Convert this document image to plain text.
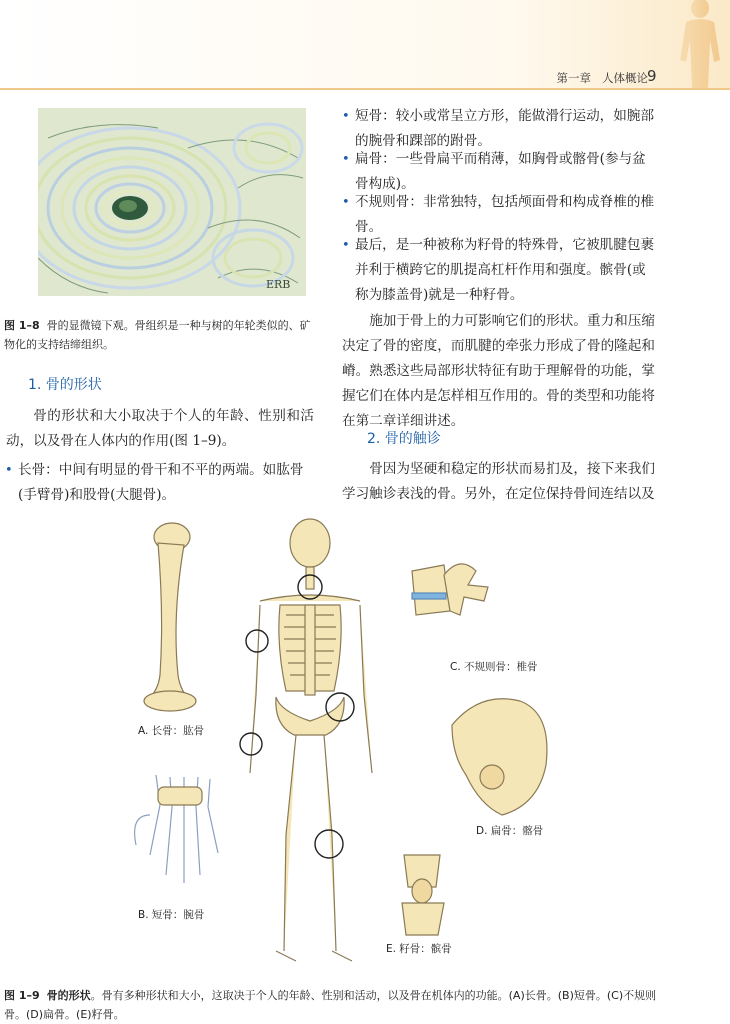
第一章 人体概论 9
ERB
图 1–8 骨的显微镜下观。骨组织是一种与树的年轮类似的、矿物化的支持结缔组织。
1. 骨的形状
骨的形状和大小取决于个人的年龄、性别和活动，以及骨在人体内的作用(图 1–9)。
• 长骨：中间有明显的骨干和不平的两端。如肱骨(手臂骨)和股骨(大腿骨)。
• 短骨：较小或常呈立方形，能做滑行运动，如腕部的腕骨和踝部的跗骨。
• 扁骨：一些骨扁平而稍薄，如胸骨或髂骨(参与盆骨构成)。
• 不规则骨：非常独特，包括颅面骨和构成脊椎的椎骨。
• 最后，是一种被称为籽骨的特殊骨，它被肌腱包裹并利于横跨它的肌提高杠杆作用和强度。髌骨(或称为膝盖骨)就是一种籽骨。
施加于骨上的力可影响它们的形状。重力和压缩决定了骨的密度，而肌腱的牵张力形成了骨的隆起和嵴。熟悉这些局部形状特征有助于理解骨的功能，掌握它们在体内是怎样相互作用的。骨的类型和功能将在第二章详细讲述。
2. 骨的触诊
骨因为坚硬和稳定的形状而易扪及，接下来我们学习触诊表浅的骨。另外，在定位保持骨间连结以及
A. 长骨：肱骨
B. 短骨：腕骨
C. 不规则骨：椎骨
D. 扁骨：髂骨
E. 籽骨：髌骨
图 1–9 骨的形状。骨有多种形状和大小，这取决于个人的年龄、性别和活动，以及骨在机体内的功能。(A)长骨。(B)短骨。(C)不规则骨。(D)扁骨。(E)籽骨。
